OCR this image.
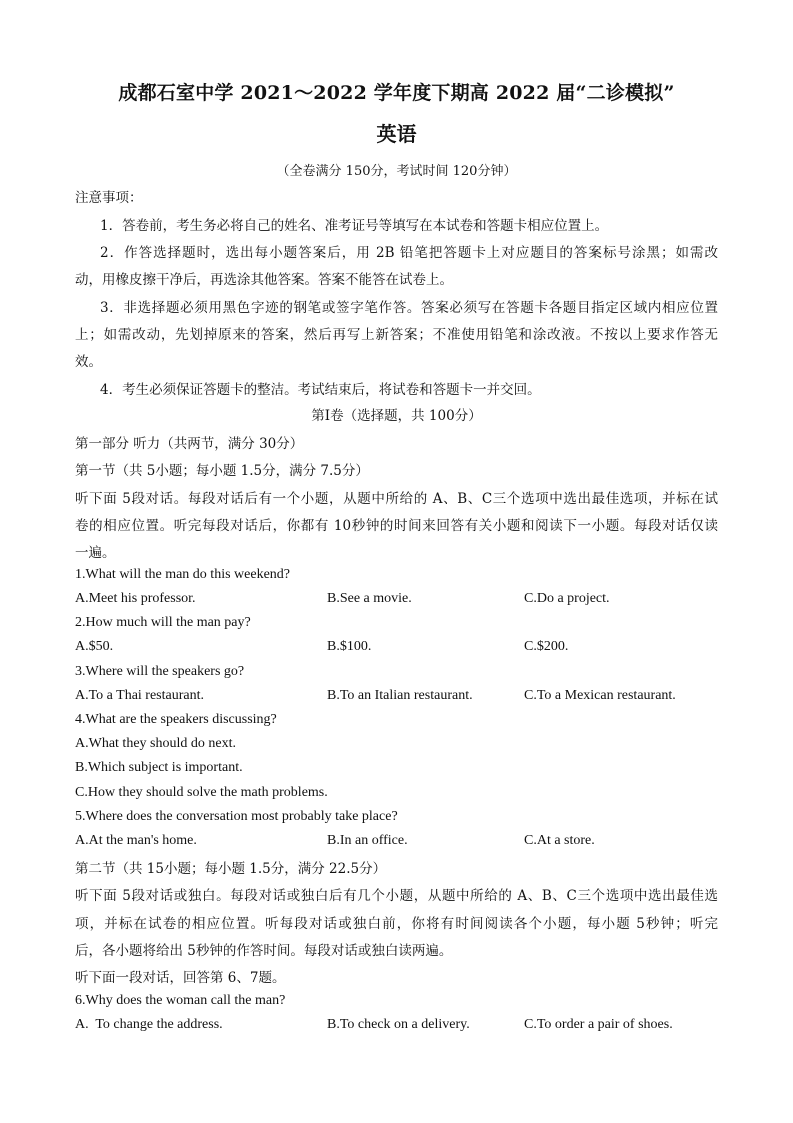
成都石室中学 2021～2022 学年度下期高 2022 届“二诊模拟”
英语
（全卷满分 150分，考试时间 120分钟）
注意事项：
1．答卷前，考生务必将自己的姓名、准考证号等填写在本试卷和答题卡相应位置上。
2．作答选择题时，选出每小题答案后，用 2B 铅笔把答题卡上对应题目的答案标号涂黑；如需改
动，用橡皮擦干净后，再选涂其他答案。答案不能答在试卷上。
3．非选择题必须用黑色字迹的钢笔或签字笔作答。答案必须写在答题卡各题目指定区域内相应位置
上；如需改动，先划掉原来的答案，然后再写上新答案；不准使用铅笔和涂改液。不按以上要求作答无
效。
4．考生必须保证答题卡的整洁。考试结束后，将试卷和答题卡一并交回。
第Ⅰ卷（选择题，共 100分）
第一部分 听力（共两节，满分 30分）
第一节（共 5小题；每小题 1.5分，满分 7.5分）
听下面 5段对话。每段对话后有一个小题，从题中所给的 A、B、C三个选项中选出最佳选项，并标在试
卷的相应位置。听完每段对话后，你都有 10秒钟的时间来回答有关小题和阅读下一小题。每段对话仅读
一遍。
1.What will the man do this weekend?
A.Meet his professor.	B.See a movie.	C.Do a project.
2.How much will the man pay?
A.$50.	B.$100.	C.$200.
3.Where will the speakers go?
A.To a Thai restaurant.	B.To an Italian restaurant.	C.To a Mexican restaurant.
4.What are the speakers discussing?
A.What they should do next.
B.Which subject is important.
C.How they should solve the math problems.
5.Where does the conversation most probably take place?
A.At the man's home.	B.In an office.	C.At a store.
第二节（共 15小题；每小题 1.5分，满分 22.5分）
听下面 5段对话或独白。每段对话或独白后有几个小题，从题中所给的 A、B、C三个选项中选出最佳选
项，并标在试卷的相应位置。听每段对话或独白前，你将有时间阅读各个小题，每小题 5秒钟；听完
后，各小题将给出 5秒钟的作答时间。每段对话或独白读两遍。
听下面一段对话，回答第 6、7题。
6.Why does the woman call the man?
A.  To change the address.	B.To check on a delivery.	C.To order a pair of shoes.
